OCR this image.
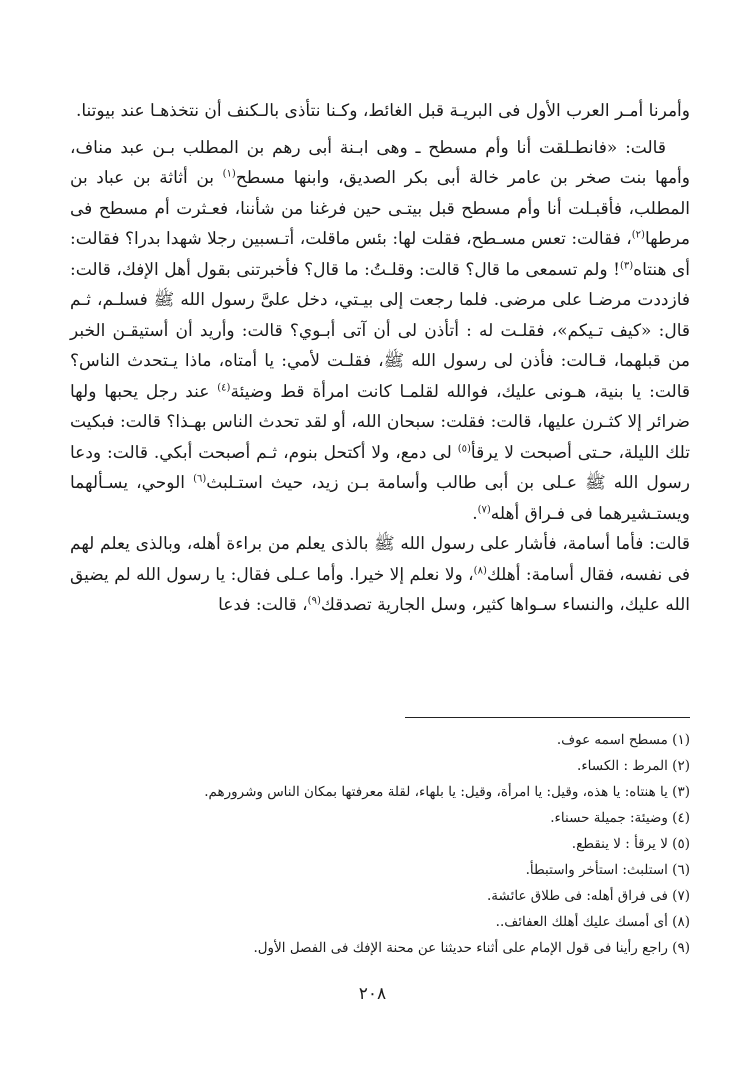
وأمرنا أمـر العرب الأول فى البريـة قبل الغائط، وكـنا نتأذى بالـكنف أن نتخذهـا عند بيوتنا.

قالت: «فانطـلقت أنا وأم مسطح ـ وهى ابـنة أبى رهم بن المطلب بـن عبد مناف، وأمها بنت صخر بن عامر خالة أبى بكر الصديق، وابنها مسطح$^{(١)}$ بن أثاثة بن عباد بن المطلب، فأقبـلت أنا وأم مسطح قبل بيتـى حين فرغنا من شأننا، فعـثرت أم مسطح فى مرطها$^{(٢)}$، فقالت: تعس مسـطح، فقلت لها: بئس ماقلت، أتـسبين رجلا شهدا بدرا؟ فقالت: أى هنتاه$^{(٣)}$! ولم تسمعى ما قال؟ قالت: وقلـتُ: ما قال؟ فأخبرتنى بقول أهل الإفك، قالت: فازددت مرضـا على مرضى. فلما رجعت إلى بيـتي، دخل علىَّ رسول الله ﷺ فسلـم، ثـم قال: «كيف تـيكم»، فقلـت له : أتأذن لى أن آتى أبـوي؟ قالت: وأريد أن أستيقـن الخبر من قبلهما، قـالت: فأذن لى رسول الله ﷺ، فقلـت لأمي: يا أمتاه، ماذا يـتحدث الناس؟ قالت: يا بنية، هـونى عليك، فوالله لقلمـا كانت امرأة قط وضيئة$^{(٤)}$ عند رجل يحبها ولها ضرائر إلا كثـرن عليها، قالت: فقلت: سبحان الله، أو لقد تحدث الناس بهـذا؟ قالت: فبكيت تلك الليلة، حـتى أصبحت لا يرقأ$^{(٥)}$ لى دمع، ولا أكتحل بنوم، ثـم أصبحت أبكي. قالت: ودعا رسول الله ﷺ عـلى بن أبى طالب وأسامة بـن زيد، حيث استـلبث$^{(٦)}$ الوحي، يسـألهما ويستـشيرهما فى فـراق أهله$^{(٧)}$.

قالت: فأما أسامة، فأشار على رسول الله ﷺ بالذى يعلم من براءة أهله، وبالذى يعلم لهم فى نفسه، فقال أسامة: أهلك$^{(٨)}$، ولا نعلم إلا خيرا. وأما عـلى فقال: يا رسول الله لم يضيق الله عليك، والنساء سـواها كثير، وسل الجارية تصدقك$^{(٩)}$، قالت: فدعا

(١) مسطح اسمه عوف.
(٢) المرط : الكساء.
(٣) يا هنتاه: يا هذه، وقيل: يا امرأة، وقيل: يا بلهاء، لقلة معرفتها بمكان الناس وشرورهم.
(٤) وضيئة: جميلة حسناء.
(٥) لا يرقأ : لا ينقطع.
(٦) استلبث: استأخر واستبطأ.
(٧) فى فراق أهله: فى طلاق عائشة.
(٨) أى أمسك عليك أهلك العفائف..
(٩) راجع رأينا فى قول الإمام على أثناء حديثنا عن محنة الإفك فى الفصل الأول.
٢٠٨
